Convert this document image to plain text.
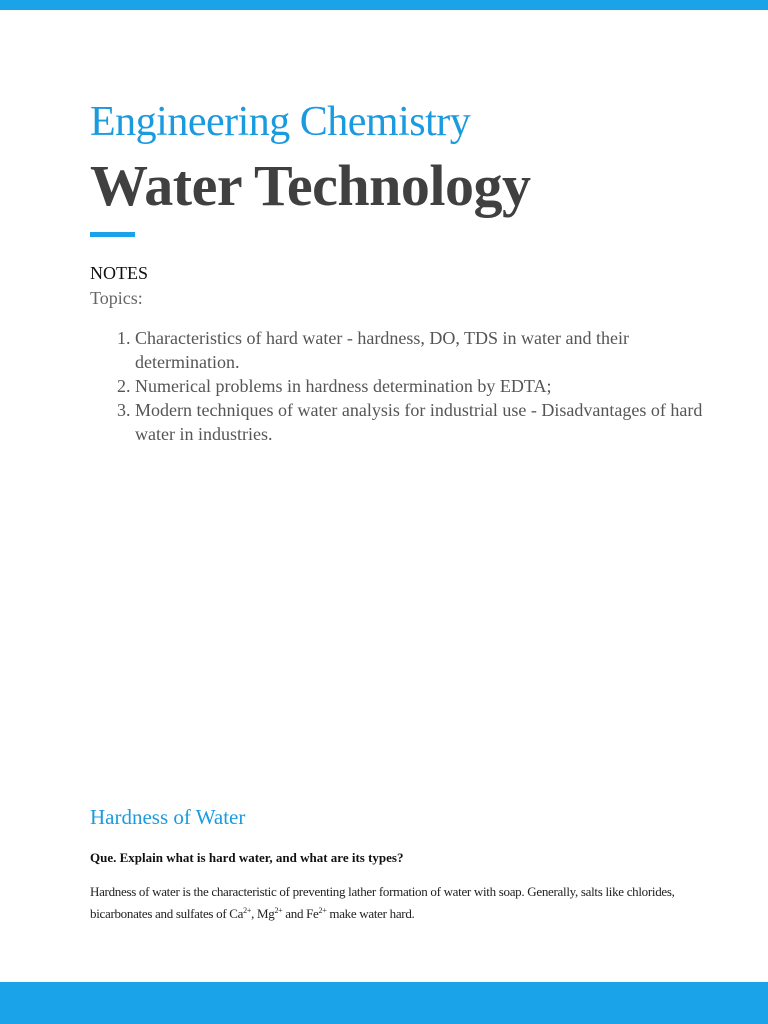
Engineering Chemistry
Water Technology
NOTES
Topics:
1. Characteristics of hard water - hardness, DO, TDS in water and their determination.
2. Numerical problems in hardness determination by EDTA;
3. Modern techniques of water analysis for industrial use - Disadvantages of hard water in industries.
Hardness of Water

Que. Explain what is hard water, and what are its types?

Hardness of water is the characteristic of preventing lather formation of water with soap. Generally, salts like chlorides, bicarbonates and sulfates of $Ca^{2+}$, $Mg^{2+}$ and $Fe^{2+}$ make water hard.
